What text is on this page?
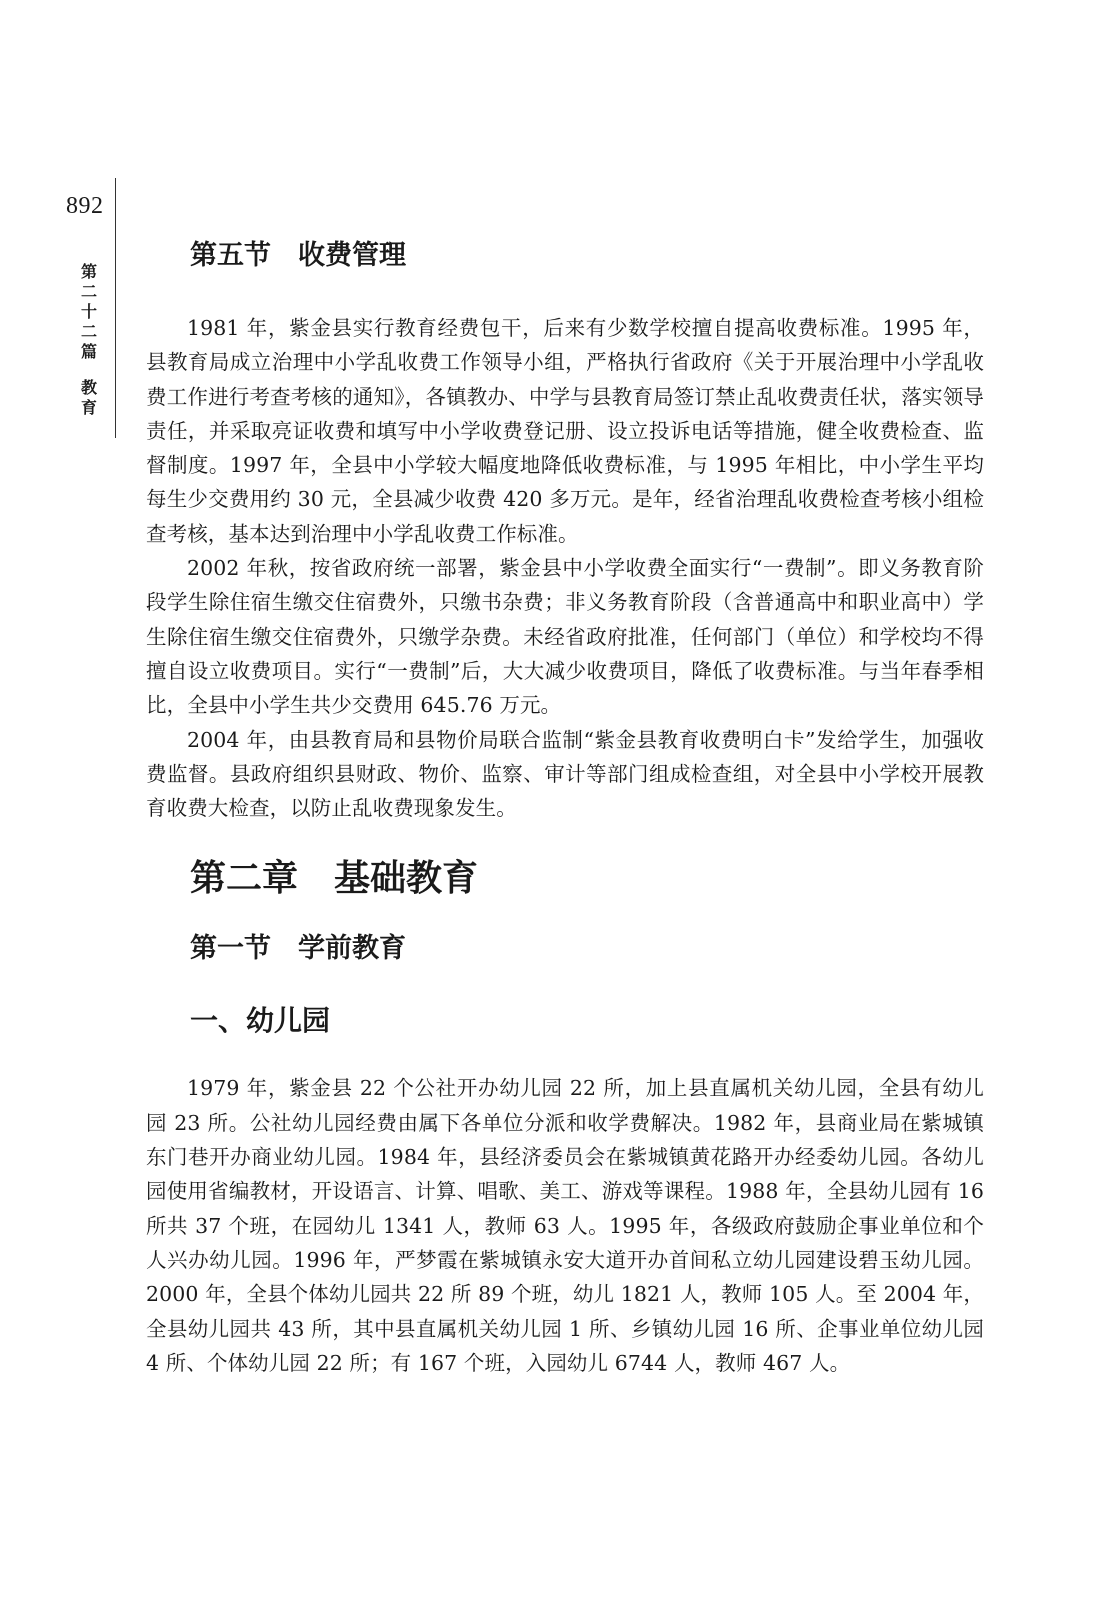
892
第
二
十
二
篇
教
育
第五节　收费管理

1981 年，紫金县实行教育经费包干，后来有少数学校擅自提高收费标准。1995 年，县教育局成立治理中小学乱收费工作领导小组，严格执行省政府《关于开展治理中小学乱收费工作进行考查考核的通知》，各镇教办、中学与县教育局签订禁止乱收费责任状，落实领导责任，并采取亮证收费和填写中小学收费登记册、设立投诉电话等措施，健全收费检查、监督制度。1997 年，全县中小学较大幅度地降低收费标准，与 1995 年相比，中小学生平均每生少交费用约 30 元，全县减少收费 420 多万元。是年，经省治理乱收费检查考核小组检查考核，基本达到治理中小学乱收费工作标准。

2002 年秋，按省政府统一部署，紫金县中小学收费全面实行“一费制”。即义务教育阶段学生除住宿生缴交住宿费外，只缴书杂费；非义务教育阶段（含普通高中和职业高中）学生除住宿生缴交住宿费外，只缴学杂费。未经省政府批准，任何部门（单位）和学校均不得擅自设立收费项目。实行“一费制”后，大大减少收费项目，降低了收费标准。与当年春季相比，全县中小学生共少交费用 645.76 万元。

2004 年，由县教育局和县物价局联合监制“紫金县教育收费明白卡”发给学生，加强收费监督。县政府组织县财政、物价、监察、审计等部门组成检查组，对全县中小学校开展教育收费大检查，以防止乱收费现象发生。

第二章　基础教育
第一节　学前教育
一、幼儿园

1979 年，紫金县 22 个公社开办幼儿园 22 所，加上县直属机关幼儿园，全县有幼儿园 23 所。公社幼儿园经费由属下各单位分派和收学费解决。1982 年，县商业局在紫城镇东门巷开办商业幼儿园。1984 年，县经济委员会在紫城镇黄花路开办经委幼儿园。各幼儿园使用省编教材，开设语言、计算、唱歌、美工、游戏等课程。1988 年，全县幼儿园有 16 所共 37 个班，在园幼儿 1341 人，教师 63 人。1995 年，各级政府鼓励企事业单位和个人兴办幼儿园。1996 年，严梦霞在紫城镇永安大道开办首间私立幼儿园建设碧玉幼儿园。2000 年，全县个体幼儿园共 22 所 89 个班，幼儿 1821 人，教师 105 人。至 2004 年，全县幼儿园共 43 所，其中县直属机关幼儿园 1 所、乡镇幼儿园 16 所、企事业单位幼儿园 4 所、个体幼儿园 22 所；有 167 个班，入园幼儿 6744 人，教师 467 人。
